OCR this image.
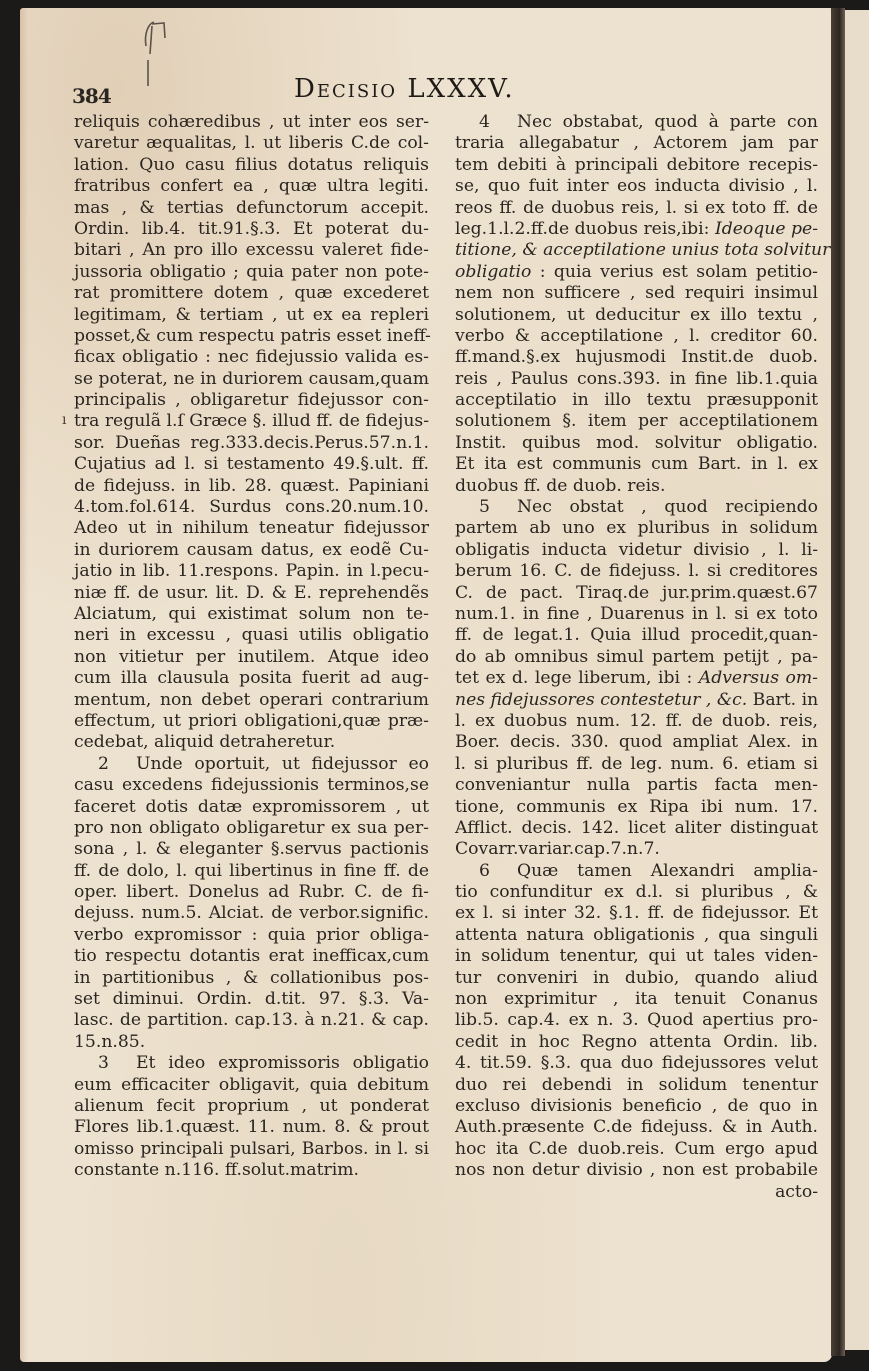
384	Decisio LXXXV.
ı
reliquis cohæredibus , ut inter eos ser-
varetur æqualitas, l. ut liberis C.de col-
lation. Quo casu filius dotatus reliquis
fratribus confert ea , quæ ultra legiti.
mas , & tertias defunctorum accepit.
Ordin. lib.4. tit.91.§.3. Et poterat du-
bitari , An pro illo excessu valeret fide-
jussoria obligatio ; quia pater non pote-
rat promittere dotem , quæ excederet
legitimam, & tertiam , ut ex ea repleri
posset,& cum respectu patris esset ineff-
ficax obligatio : nec fidejussio valida es-
se poterat, ne in duriorem causam,quam
principalis , obligaretur fidejussor con-
tra regulã l.ſ Græce §. illud ff. de fidejus-
sor. Dueñas reg.333.decis.Perus.57.n.1.
Cujatius ad l. si testamento 49.§.ult. ff.
de fidejuss. in lib. 28. quæst. Papiniani
4.tom.fol.614. Surdus cons.20.num.10.
Adeo ut in nihilum teneatur fidejussor
in duriorem causam datus, ex eodẽ Cu-
jatio in lib. 11.respons. Papin. in l.pecu-
niæ ff. de usur. lit. D. & E. reprehendẽs
Alciatum, qui existimat solum non te-
neri in excessu , quasi utilis obligatio
non vitietur per inutilem. Atque ideo
cum illa clausula posita fuerit ad aug-
mentum, non debet operari contrarium
effectum, ut priori obligationi,quæ præ-
cedebat, aliquid detraheretur.
2 Unde oportuit, ut fidejussor eo
casu excedens fidejussionis terminos,se
faceret dotis datæ expromissorem , ut
pro non obligato obligaretur ex sua per-
sona , l. & eleganter §.servus pactionis
ff. de dolo, l. qui libertinus in fine ff. de
oper. libert. Donelus ad Rubr. C. de fi-
dejuss. num.5. Alciat. de verbor.signific.
verbo expromissor : quia prior obliga-
tio respectu dotantis erat inefficax,cum
in partitionibus , & collationibus pos-
set diminui. Ordin. d.tit. 97. §.3. Va-
lasc. de partition. cap.13. à n.21. & cap.
15.n.85.
3 Et ideo expromissoris obligatio
eum efficaciter obligavit, quia debitum
alienum fecit proprium , ut ponderat
Flores lib.1.quæst. 11. num. 8. & prout
omisso principali pulsari, Barbos. in l. si
constante n.116. ff.solut.matrim.
4 Nec obstabat, quod à parte con
traria allegabatur , Actorem jam par
tem debiti à principali debitore recepis-
se, quo fuit inter eos inducta divisio , l.
reos ff. de duobus reis, l. si ex toto ff. de
leg.1.l.2.ff.de duobus reis,ibi: Ideoque pe-
titione, & acceptilatione unius tota solvitur
obligatio : quia verius est solam petitio-
nem non sufficere , sed requiri insimul
solutionem, ut deducitur ex illo textu ,
verbo & acceptilatione , l. creditor 60.
ff.mand.§.ex hujusmodi Instit.de duob.
reis , Paulus cons.393. in fine lib.1.quia
acceptilatio in illo textu præsupponit
solutionem §. item per acceptilationem
Instit. quibus mod. solvitur obligatio.
Et ita est communis cum Bart. in l. ex
duobus ff. de duob. reis.
5 Nec obstat , quod recipiendo
partem ab uno ex pluribus in solidum
obligatis inducta videtur divisio , l. li-
berum 16. C. de fidejuss. l. si creditores
C. de pact. Tiraq.de jur.prim.quæst.67
num.1. in fine , Duarenus in l. si ex toto
ff. de legat.1. Quia illud procedit,quan-
do ab omnibus simul partem petijt , pa-
tet ex d. lege liberum, ibi : Adversus om-
nes fidejussores contestetur , &c. Bart. in
l. ex duobus num. 12. ff. de duob. reis,
Boer. decis. 330. quod ampliat Alex. in
l. si pluribus ff. de leg. num. 6. etiam si
conveniantur nulla partis facta men-
tione, communis ex Ripa ibi num. 17.
Afflict. decis. 142. licet aliter distinguat
Covarr.variar.cap.7.n.7.
6 Quæ tamen Alexandri amplia-
tio confunditur ex d.l. si pluribus , &
ex l. si inter 32. §.1. ff. de fidejussor. Et
attenta natura obligationis , qua singuli
in solidum tenentur, qui ut tales viden-
tur conveniri in dubio, quando aliud
non exprimitur , ita tenuit Conanus
lib.5. cap.4. ex n. 3. Quod apertius pro-
cedit in hoc Regno attenta Ordin. lib.
4. tit.59. §.3. qua duo fidejussores velut
duo rei debendi in solidum tenentur
excluso divisionis beneficio , de quo in
Auth.præsente C.de fidejuss. & in Auth.
hoc ita C.de duob.reis. Cum ergo apud
nos non detur divisio , non est probabile
acto-
